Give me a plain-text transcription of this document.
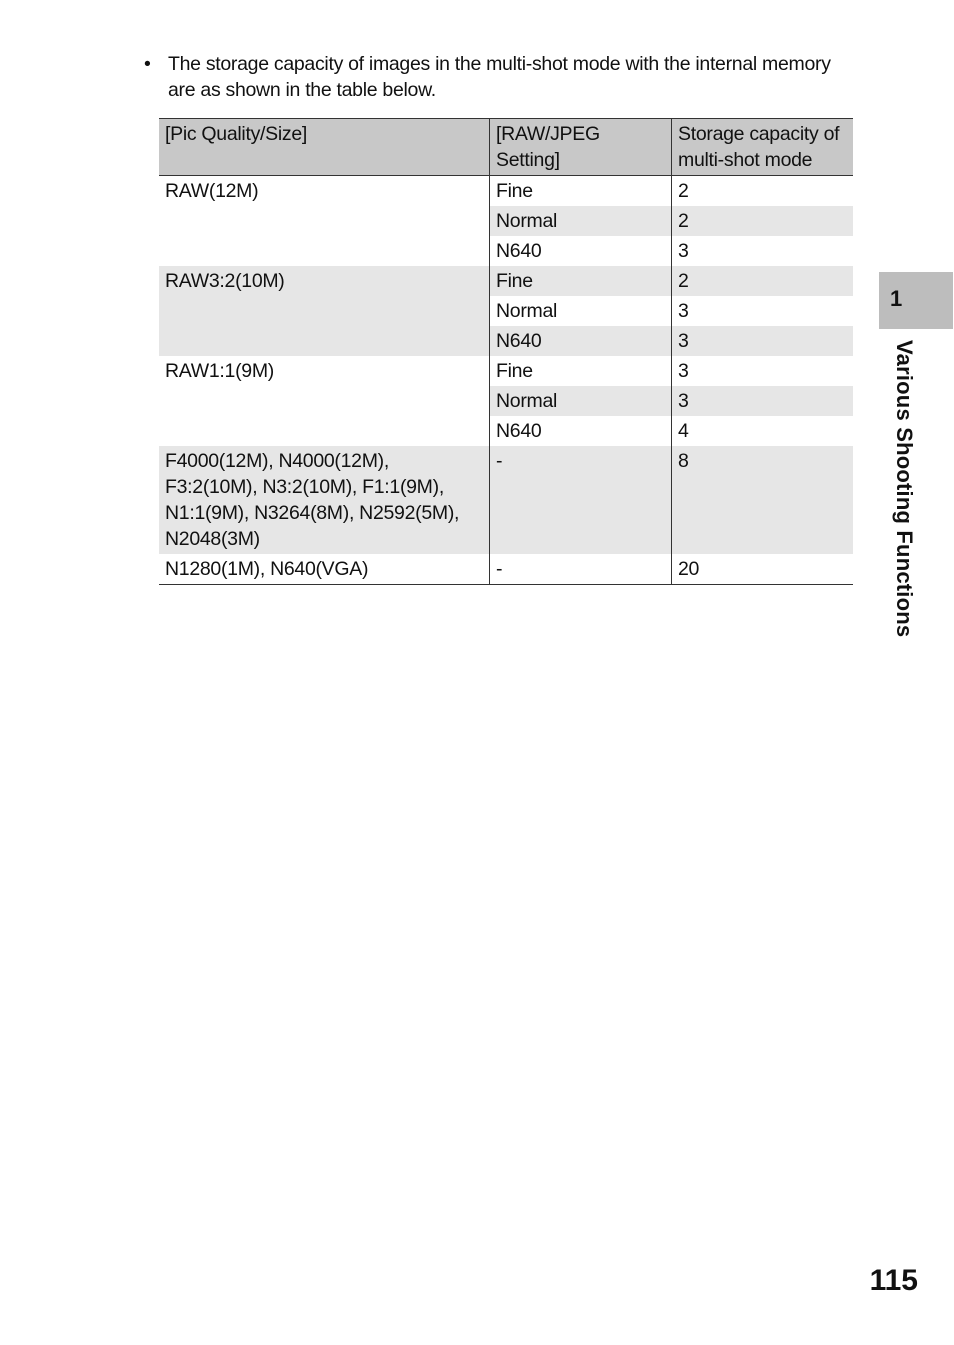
• The storage capacity of images in the multi-shot mode with the internal memory are as shown in the table below.
[Pic Quality/Size]	[RAW/JPEG Setting]	Storage capacity of multi-shot mode
RAW(12M)	Fine	2
	Normal	2
	N640	3
RAW3:2(10M)	Fine	2
	Normal	3
	N640	3
RAW1:1(9M)	Fine	3
	Normal	3
	N640	4
F4000(12M), N4000(12M), F3:2(10M), N3:2(10M), F1:1(9M), N1:1(9M), N3264(8M), N2592(5M), N2048(3M)	-	8
N1280(1M), N640(VGA)	-	20
1
Various Shooting Functions
115
